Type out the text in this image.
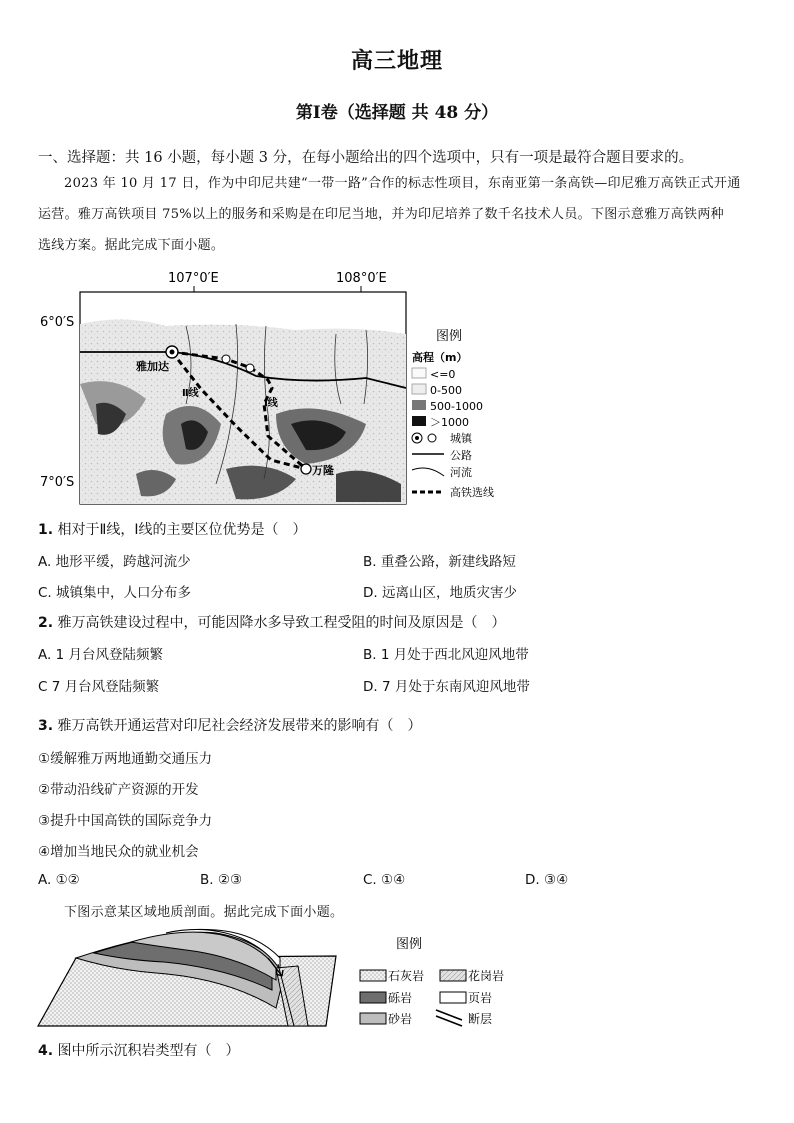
高三地理
第Ⅰ卷（选择题 共 48 分）
一、选择题：共 16 小题，每小题 3 分，在每小题给出的四个选项中，只有一项是最符合题目要求的。
2023 年 10 月 17 日，作为中印尼共建“一带一路”合作的标志性项目，东南亚第一条高铁—印尼雅万高铁正式开通
运营。雅万高铁项目 75%以上的服务和采购是在印尼当地，并为印尼培养了数千名技术人员。下图示意雅万高铁两种
选线方案。据此完成下面小题。
107°0′E	108°0′E
6°0′S
7°0′S
雅加达
万隆
Ⅱ线
Ⅰ线
图例
高程（m）
<=0
0-500
500-1000
＞1000
城镇
公路
河流
高铁选线
1. 相对于Ⅱ线，Ⅰ线的主要区位优势是（　）
A. 地形平缓，跨越河流少	B. 重叠公路，新建线路短
C. 城镇集中，人口分布多	D. 远离山区，地质灾害少
2. 雅万高铁建设过程中，可能因降水多导致工程受阻的时间及原因是（　）
A. 1 月台风登陆频繁	B. 1 月处于西北风迎风地带
C 7 月台风登陆频繁	D. 7 月处于东南风迎风地带
3. 雅万高铁开通运营对印尼社会经济发展带来的影响有（　）
①缓解雅万两地通勤交通压力
②带动沿线矿产资源的开发
③提升中国高铁的国际竞争力
④增加当地民众的就业机会
A. ①②	B. ②③	C. ①④	D. ③④
下图示意某区域地质剖面。据此完成下面小题。
图例
石灰岩	花岗岩
砾岩	页岩
砂岩	断层
4. 图中所示沉积岩类型有（　）
